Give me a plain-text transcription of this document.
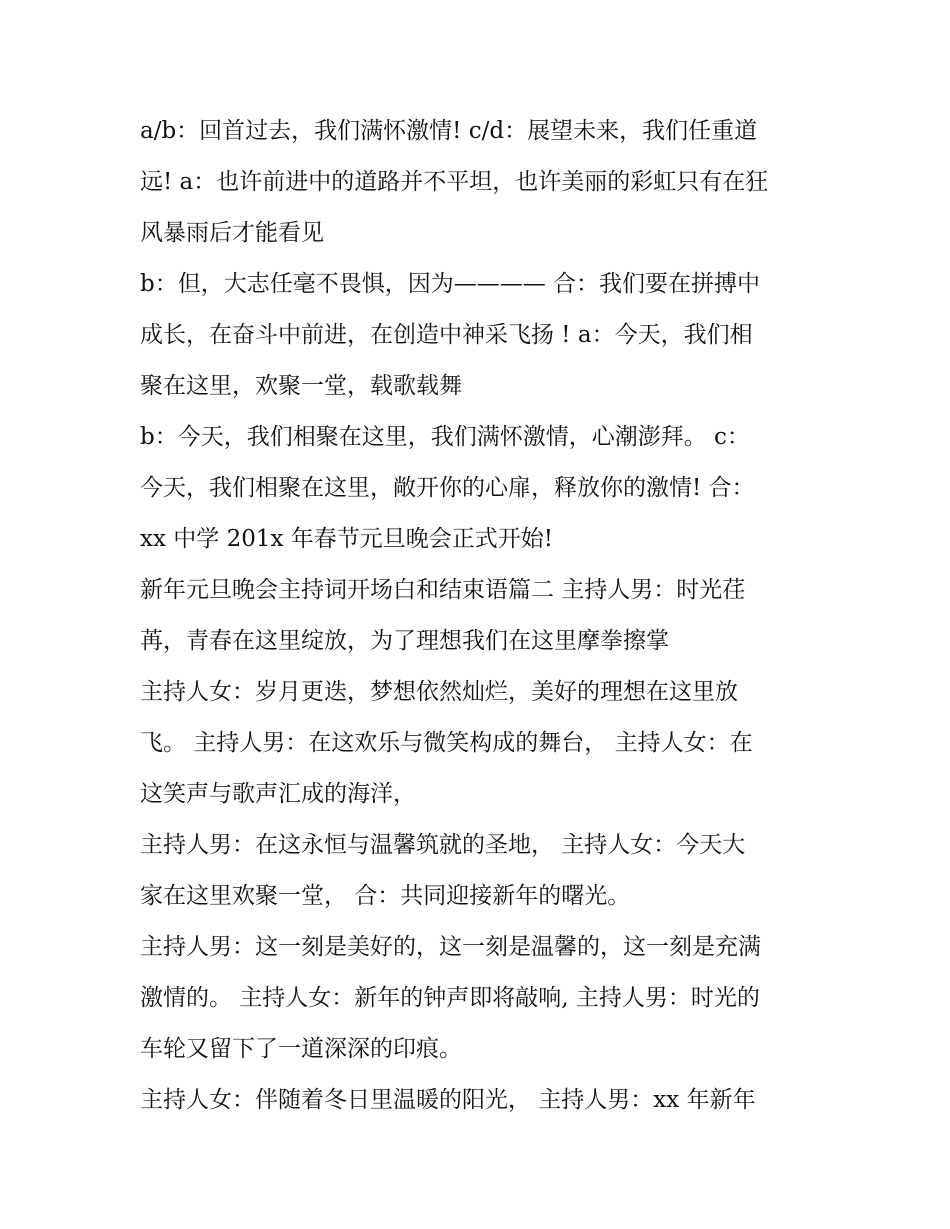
a/b：回首过去，我们满怀激情! c/d：展望未来，我们任重道
远! a：也许前进中的道路并不平坦，也许美丽的彩虹只有在狂
风暴雨后才能看见
b：但，大志任毫不畏惧，因为———— 合：我们要在拼搏中
成长，在奋斗中前进，在创造中神采飞扬 ! a：今天，我们相
聚在这里，欢聚一堂，载歌载舞
b：今天，我们相聚在这里，我们满怀激情，心潮澎拜。 c：
今天，我们相聚在这里，敞开你的心扉，释放你的激情! 合：
xx 中学 201x 年春节元旦晚会正式开始!
新年元旦晚会主持词开场白和结束语篇二 主持人男：时光荏
苒，青春在这里绽放，为了理想我们在这里摩拳擦掌
主持人女：岁月更迭，梦想依然灿烂，美好的理想在这里放
飞。 主持人男：在这欢乐与微笑构成的舞台， 主持人女：在
这笑声与歌声汇成的海洋，
主持人男：在这永恒与温馨筑就的圣地， 主持人女：今天大
家在这里欢聚一堂， 合：共同迎接新年的曙光。
主持人男：这一刻是美好的，这一刻是温馨的，这一刻是充满
激情的。 主持人女：新年的钟声即将敲响, 主持人男：时光的
车轮又留下了一道深深的印痕。
主持人女：伴随着冬日里温暖的阳光， 主持人男：xx 年新年
